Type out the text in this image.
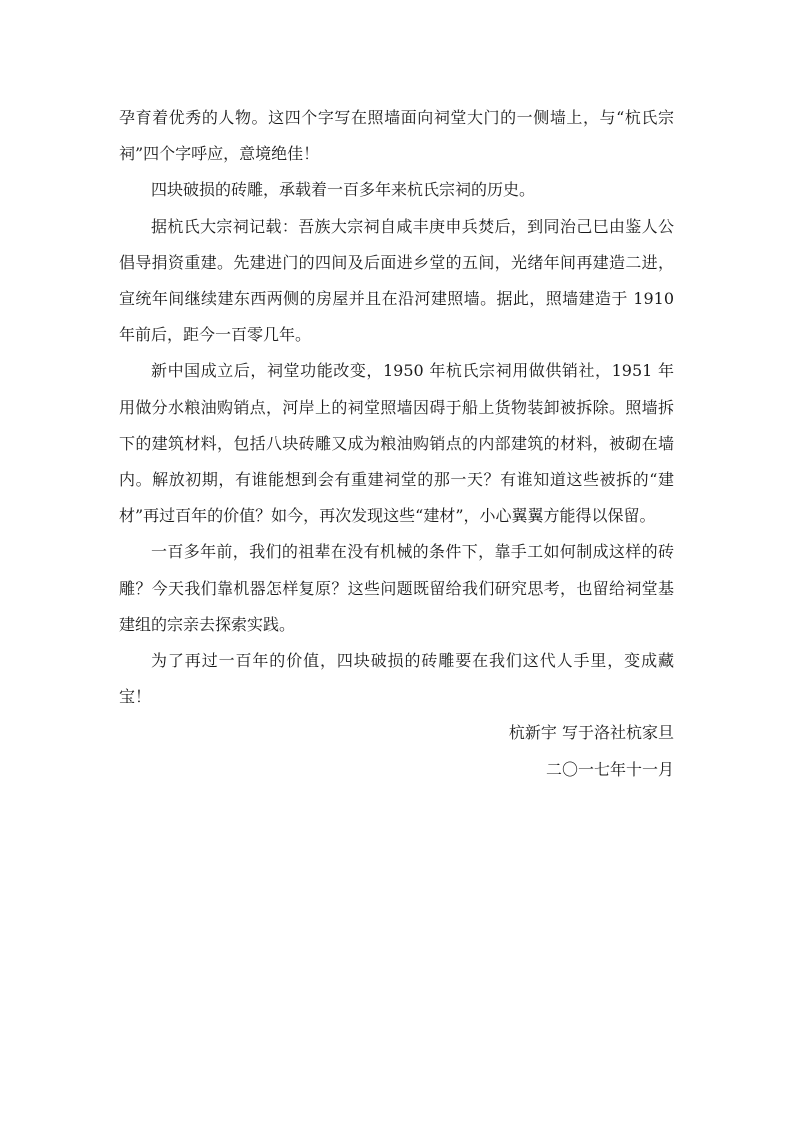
孕育着优秀的人物。这四个字写在照墙面向祠堂大门的一侧墙上，与“杭氏宗祠”四个字呼应，意境绝佳！

四块破损的砖雕，承载着一百多年来杭氏宗祠的历史。

据杭氏大宗祠记载：吾族大宗祠自咸丰庚申兵焚后，到同治己巳由鉴人公倡导捐资重建。先建进门的四间及后面进乡堂的五间，光绪年间再建造二进，宣统年间继续建东西两侧的房屋并且在沿河建照墙。据此，照墙建造于 1910 年前后，距今一百零几年。

新中国成立后，祠堂功能改变，1950 年杭氏宗祠用做供销社，1951 年用做分水粮油购销点，河岸上的祠堂照墙因碍于船上货物装卸被拆除。照墙拆下的建筑材料，包括八块砖雕又成为粮油购销点的内部建筑的材料，被砌在墙内。解放初期，有谁能想到会有重建祠堂的那一天？有谁知道这些被拆的“建材”再过百年的价值？如今，再次发现这些“建材”，小心翼翼方能得以保留。

一百多年前，我们的祖辈在没有机械的条件下，靠手工如何制成这样的砖雕？今天我们靠机器怎样复原？这些问题既留给我们研究思考，也留给祠堂基建组的宗亲去探索实践。

为了再过一百年的价值，四块破损的砖雕要在我们这代人手里，变成藏宝！

杭新宇 写于洛社杭家旦

二〇一七年十一月
